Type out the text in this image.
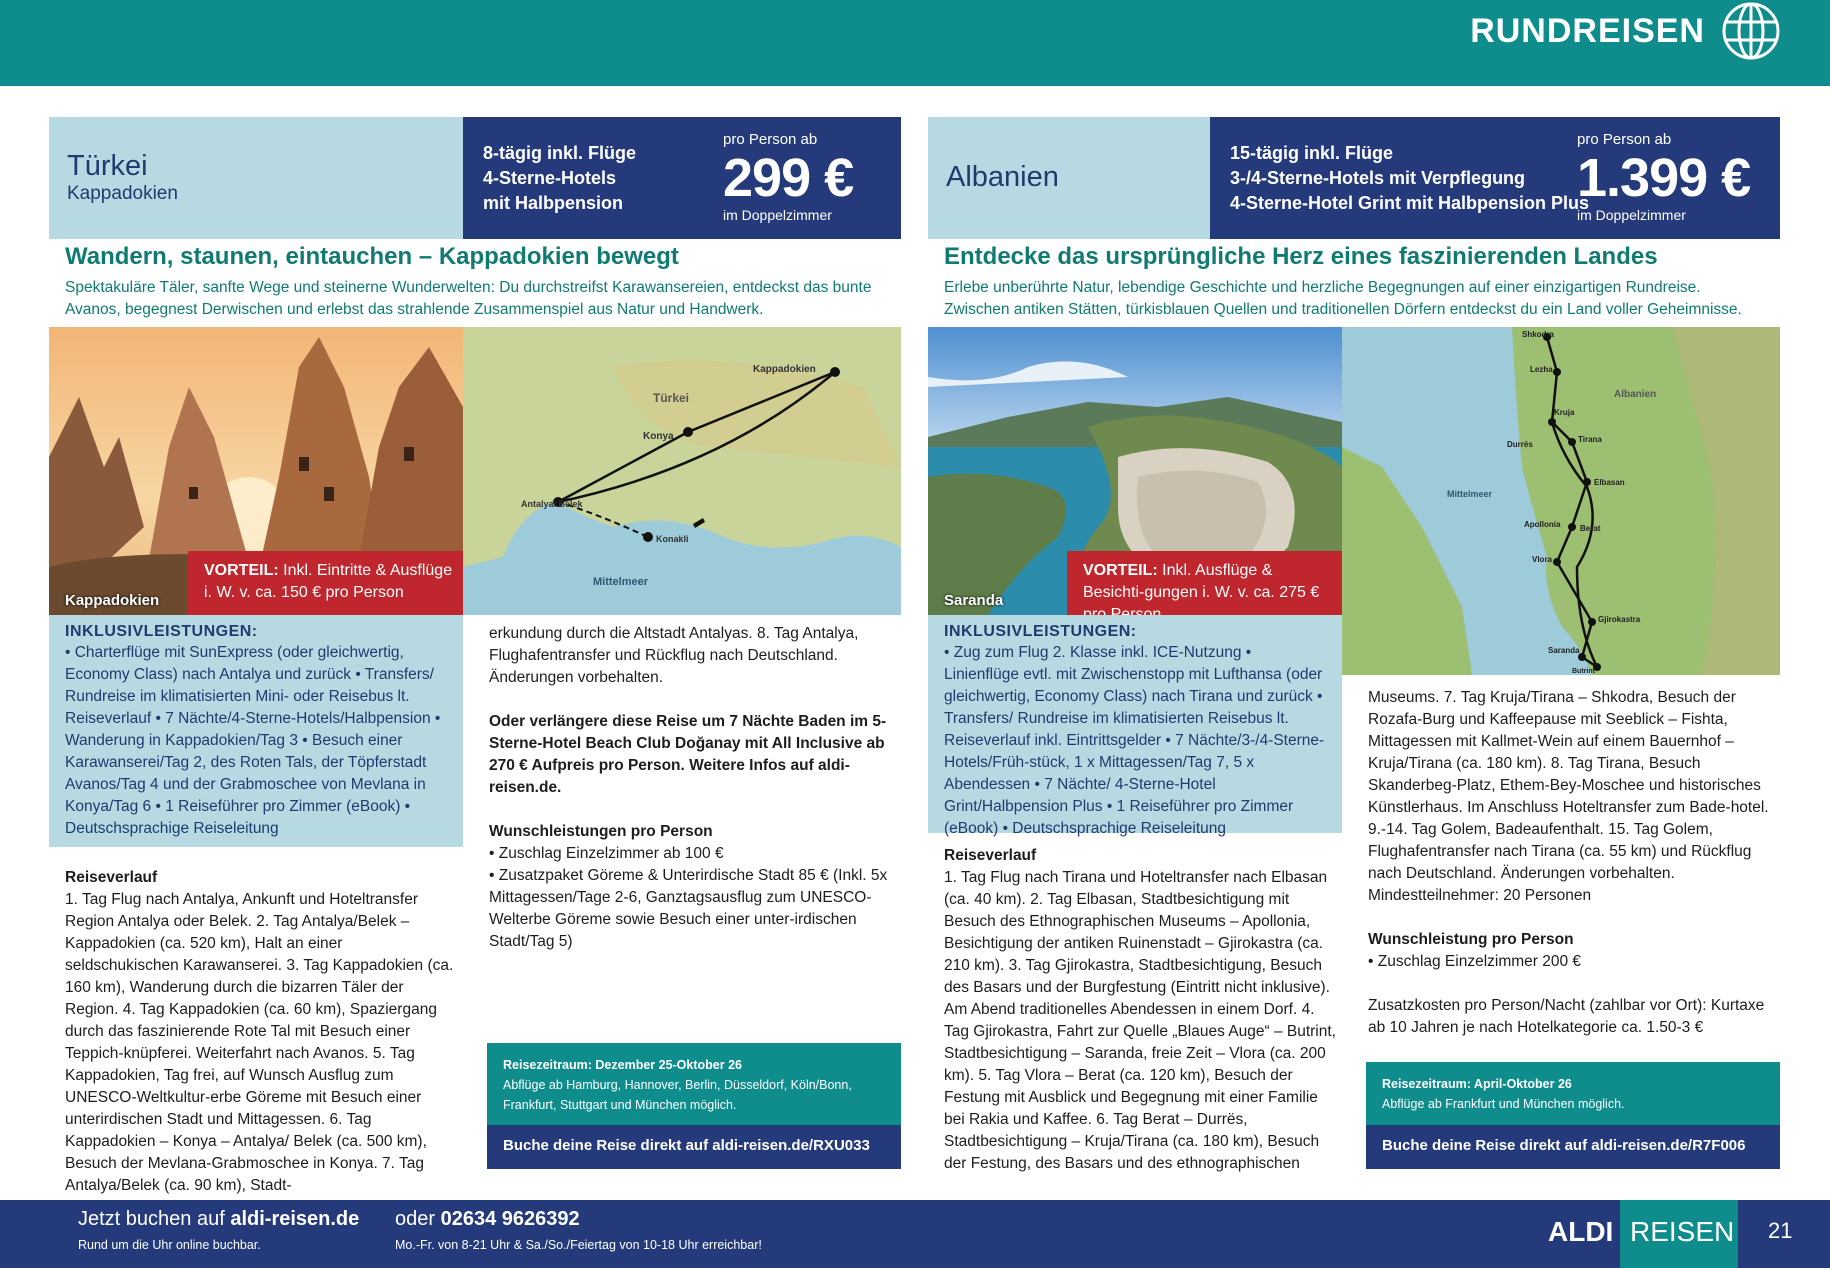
RUNDREISEN
Türkei
Kappadokien
8-tägig inkl. Flüge
4-Sterne-Hotels
mit Halbpension
pro Person ab
299 €
im Doppelzimmer
Wandern, staunen, eintauchen – Kappadokien bewegt
Spektakuläre Täler, sanfte Wege und steinerne Wunderwelten: Du durchstreifst Karawansereien, entdeckst das bunte Avanos, begegnest Derwischen und erlebst das strahlende Zusammenspiel aus Natur und Handwerk.
Kappadokien
Türkei
Kappadokien
Konya
Antalya/ Belek
Konakli
Mittelmeer
VORTEIL: Inkl. Eintritte & Ausflüge i. W. v. ca. 150 € pro Person
INKLUSIVLEISTUNGEN:
• Charterflüge mit SunExpress (oder gleichwertig, Economy Class) nach Antalya und zurück • Transfers/ Rundreise im klimatisierten Mini- oder Reisebus lt. Reiseverlauf • 7 Nächte/4-Sterne-Hotels/Halbpension • Wanderung in Kappadokien/Tag 3 • Besuch einer Karawanserei/Tag 2, des Roten Tals, der Töpferstadt Avanos/Tag 4 und der Grabmoschee von Mevlana in Konya/Tag 6 • 1 Reiseführer pro Zimmer (eBook) • Deutschsprachige Reiseleitung
Reiseverlauf
1. Tag Flug nach Antalya, Ankunft und Hoteltransfer Region Antalya oder Belek. 2. Tag Antalya/Belek – Kappadokien (ca. 520 km), Halt an einer seldschukischen Karawanserei. 3. Tag Kappadokien (ca. 160 km), Wanderung durch die bizarren Täler der Region. 4. Tag Kappadokien (ca. 60 km), Spaziergang durch das faszinierende Rote Tal mit Besuch einer Teppich-knüpferei. Weiterfahrt nach Avanos. 5. Tag Kappadokien, Tag frei, auf Wunsch Ausflug zum UNESCO-Weltkultur-erbe Göreme mit Besuch einer unterirdischen Stadt und Mittagessen. 6. Tag Kappadokien – Konya – Antalya/ Belek (ca. 500 km), Besuch der Mevlana-Grabmoschee in Konya. 7. Tag Antalya/Belek (ca. 90 km), Stadt-
erkundung durch die Altstadt Antalyas. 8. Tag Antalya, Flughafentransfer und Rückflug nach Deutschland. Änderungen vorbehalten.
Oder verlängere diese Reise um 7 Nächte Baden im 5-Sterne-Hotel Beach Club Doğanay mit All Inclusive ab 270 € Aufpreis pro Person. Weitere Infos auf aldi-reisen.de.
Wunschleistungen pro Person
• Zuschlag Einzelzimmer ab 100 €
• Zusatzpaket Göreme & Unterirdische Stadt 85 € (Inkl. 5x Mittagessen/Tage 2-6, Ganztagsausflug zum UNESCO-Welterbe Göreme sowie Besuch einer unter-irdischen Stadt/Tag 5)
Reisezeitraum: Dezember 25-Oktober 26
Abflüge ab Hamburg, Hannover, Berlin, Düsseldorf, Köln/Bonn, Frankfurt, Stuttgart und München möglich.
Buche deine Reise direkt auf aldi-reisen.de/RXU033
Albanien
15-tägig inkl. Flüge
3-/4-Sterne-Hotels mit Verpflegung
4-Sterne-Hotel Grint mit Halbpension Plus
pro Person ab
1.399 €
im Doppelzimmer
Entdecke das ursprüngliche Herz eines faszinierenden Landes
Erlebe unberührte Natur, lebendige Geschichte und herzliche Begegnungen auf einer einzigartigen Rundreise. Zwischen antiken Stätten, türkisblauen Quellen und traditionellen Dörfern entdeckst du ein Land voller Geheimnisse.
Saranda
Shkodra
Lezha
Kruja
Durrës
Tirana
Albanien
Elbasan
Mittelmeer
Apollonia Berat
Vlora
Gjirokastra
Saranda
Butrint
VORTEIL: Inkl. Ausflüge & Besichti-gungen i. W. v. ca. 275 €
INKLUSIVLEISTUNGEN:
• Zug zum Flug 2. Klasse inkl. ICE-Nutzung • Linienflüge evtl. mit Zwischenstopp mit Lufthansa (oder gleichwertig, Economy Class) nach Tirana und zurück • Transfers/ Rundreise im klimatisierten Reisebus lt. Reiseverlauf inkl. Eintrittsgelder • 7 Nächte/3-/4-Sterne-Hotels/Früh-stück, 1 x Mittagessen/Tag 7, 5 x Abendessen • 7 Nächte/ 4-Sterne-Hotel Grint/Halbpension Plus • 1 Reiseführer pro Zimmer (eBook) • Deutschsprachige Reiseleitung
Reiseverlauf
1. Tag Flug nach Tirana und Hoteltransfer nach Elbasan (ca. 40 km). 2. Tag Elbasan, Stadtbesichtigung mit Besuch des Ethnographischen Museums – Apollonia, Besichtigung der antiken Ruinenstadt – Gjirokastra (ca. 210 km). 3. Tag Gjirokastra, Stadtbesichtigung, Besuch des Basars und der Burgfestung (Eintritt nicht inklusive). Am Abend traditionelles Abendessen in einem Dorf. 4. Tag Gjirokastra, Fahrt zur Quelle „Blaues Auge“ – Butrint, Stadtbesichtigung – Saranda, freie Zeit – Vlora (ca. 200 km). 5. Tag Vlora – Berat (ca. 120 km), Besuch der Festung mit Ausblick und Begegnung mit einer Familie bei Rakia und Kaffee. 6. Tag Berat – Durrës, Stadtbesichtigung – Kruja/Tirana (ca. 180 km), Besuch der Festung, des Basars und des ethnographischen
Museums. 7. Tag Kruja/Tirana – Shkodra, Besuch der Rozafa-Burg und Kaffeepause mit Seeblick – Fishta, Mittagessen mit Kallmet-Wein auf einem Bauernhof – Kruja/Tirana (ca. 180 km). 8. Tag Tirana, Besuch Skanderbeg-Platz, Ethem-Bey-Moschee und historisches Künstlerhaus. Im Anschluss Hoteltransfer zum Bade-hotel. 9.-14. Tag Golem, Badeaufenthalt. 15. Tag Golem, Flughafentransfer nach Tirana (ca. 55 km) und Rückflug nach Deutschland. Änderungen vorbehalten. Mindestteilnehmer: 20 Personen
Wunschleistung pro Person
• Zuschlag Einzelzimmer 200 €
Zusatzkosten pro Person/Nacht (zahlbar vor Ort): Kurtaxe ab 10 Jahren je nach Hotelkategorie ca. 1.50-3 €
Reisezeitraum: April-Oktober 26
Abflüge ab Frankfurt und München möglich.
Buche deine Reise direkt auf aldi-reisen.de/R7F006
Jetzt buchen auf aldi-reisen.de
Rund um die Uhr online buchbar.
oder 02634 9626392
Mo.-Fr. von 8-21 Uhr & Sa./So./Feiertag von 10-18 Uhr erreichbar!	ALDI REISEN 21
